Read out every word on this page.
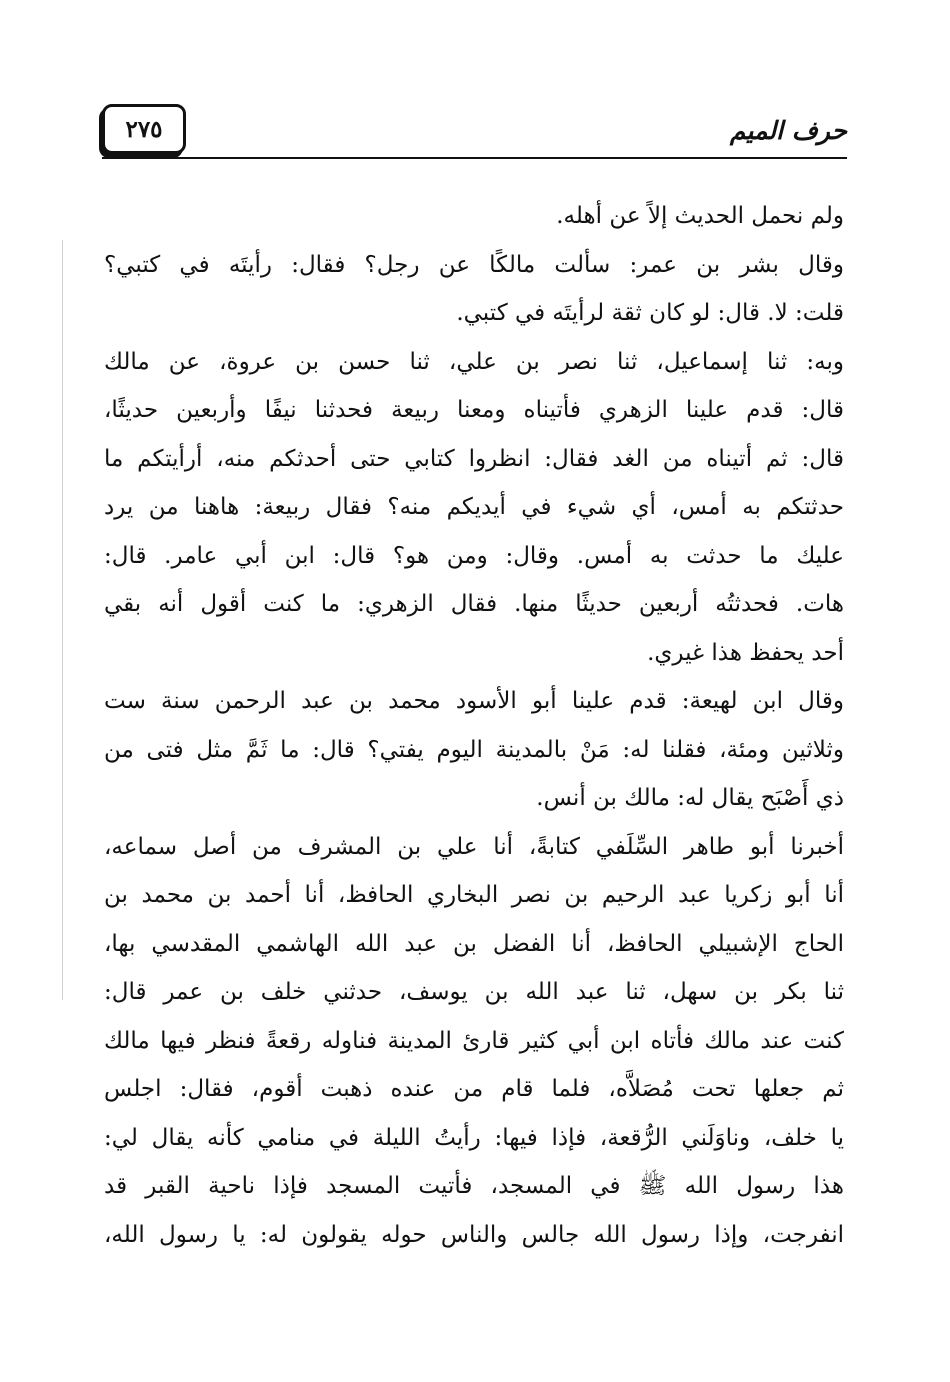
٢٧٥	حرف الميم
ولم نحمل الحديث إلاً عن أهله.
وقال بشر بن عمر: سألت مالكًا عن رجل؟ فقال: رأيتَه في كتبي؟
قلت: لا. قال: لو كان ثقة لرأيتَه في كتبي.
وبه: ثنا إسماعيل، ثنا نصر بن علي، ثنا حسن بن عروة، عن مالك
قال: قدم علينا الزهري فأتيناه ومعنا ربيعة فحدثنا نيفًا وأربعين حديثًا،
قال: ثم أتيناه من الغد فقال: انظروا كتابي حتى أحدثكم منه، أرأيتكم ما
حدثتكم به أمس، أي شيء في أيديكم منه؟ فقال ربيعة: هاهنا من يرد
عليك ما حدثت به أمس. وقال: ومن هو؟ قال: ابن أبي عامر. قال:
هات. فحدثتُه أربعين حديثًا منها. فقال الزهري: ما كنت أقول أنه بقي
أحد يحفظ هذا غيري.
وقال ابن لهيعة: قدم علينا أبو الأسود محمد بن عبد الرحمن سنة ست
وثلاثين ومئة، فقلنا له: مَنْ بالمدينة اليوم يفتي؟ قال: ما ثَمَّ مثل فتى من
ذي أَصْبَح يقال له: مالك بن أنس.
أخبرنا أبو طاهر السِّلَفي كتابةً، أنا علي بن المشرف من أصل سماعه،
أنا أبو زكريا عبد الرحيم بن نصر البخاري الحافظ، أنا أحمد بن محمد بن
الحاج الإشبيلي الحافظ، أنا الفضل بن عبد الله الهاشمي المقدسي بها،
ثنا بكر بن سهل، ثنا عبد الله بن يوسف، حدثني خلف بن عمر قال:
كنت عند مالك فأتاه ابن أبي كثير قارئ المدينة فناوله رقعةً فنظر فيها مالك
ثم جعلها تحت مُصَلاَّه، فلما قام من عنده ذهبت أقوم، فقال: اجلس
يا خلف، وناوَلَني الرُّقعة، فإذا فيها: رأيتُ الليلة في منامي كأنه يقال لي:
هذا رسول الله ﷺ في المسجد، فأتيت المسجد فإذا ناحية القبر قد
انفرجت، وإذا رسول الله جالس والناس حوله يقولون له: يا رسول الله،
